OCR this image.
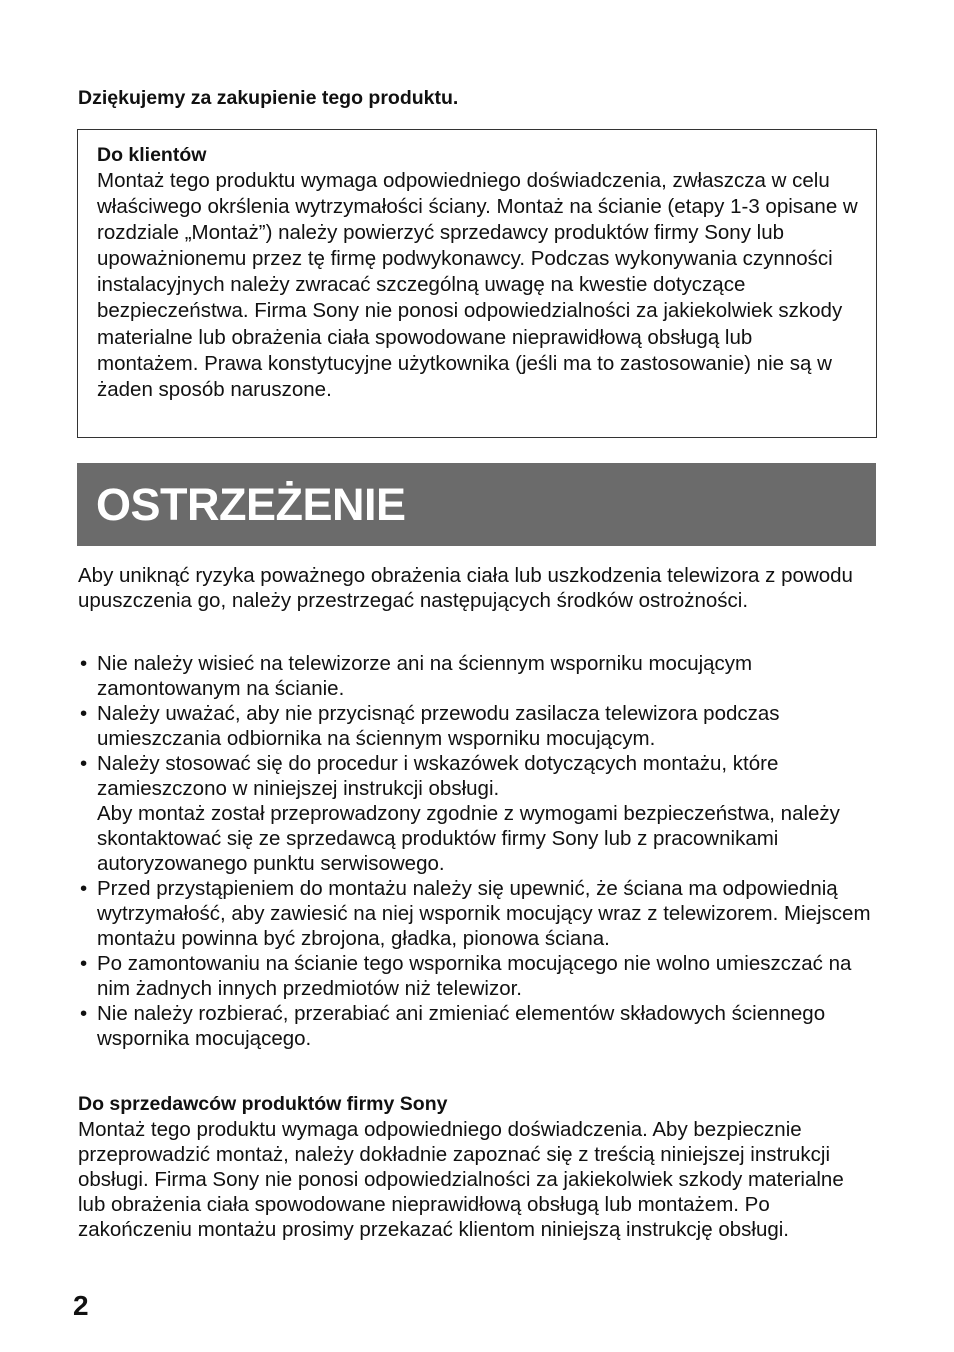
Dziękujemy za zakupienie tego produktu.

Do klientów

Montaż tego produktu wymaga odpowiedniego doświadczenia, zwłaszcza w celu właściwego okrślenia wytrzymałości ściany. Montaż na ścianie (etapy 1-3 opisane w rozdziale „Montaż”) należy powierzyć sprzedawcy produktów firmy Sony lub upoważnionemu przez tę firmę podwykonawcy. Podczas wykonywania czynności instalacyjnych należy zwracać szczególną uwagę na kwestie dotyczące bezpieczeństwa. Firma Sony nie ponosi odpowiedzialności za jakiekolwiek szkody materialne lub obrażenia ciała spowodowane nieprawidłową obsługą lub montażem. Prawa konstytucyjne użytkownika (jeśli ma to zastosowanie) nie są w żaden sposób naruszone.

OSTRZEŻENIE

Aby uniknąć ryzyka poważnego obrażenia ciała lub uszkodzenia telewizora z powodu upuszczenia go, należy przestrzegać następujących środków ostrożności.

• Nie należy wisieć na telewizorze ani na ściennym wsporniku mocującym zamontowanym na ścianie.

• Należy uważać, aby nie przycisnąć przewodu zasilacza telewizora podczas umieszczania odbiornika na ściennym wsporniku mocującym.

• Należy stosować się do procedur i wskazówek dotyczących montażu, które zamieszczono w niniejszej instrukcji obsługi.

Aby montaż został przeprowadzony zgodnie z wymogami bezpieczeństwa, należy skontaktować się ze sprzedawcą produktów firmy Sony lub z pracownikami autoryzowanego punktu serwisowego.

• Przed przystąpieniem do montażu należy się upewnić, że ściana ma odpowiednią wytrzymałość, aby zawiesić na niej wspornik mocujący wraz z telewizorem. Miejscem montażu powinna być zbrojona, gładka, pionowa ściana.

• Po zamontowaniu na ścianie tego wspornika mocującego nie wolno umieszczać na nim żadnych innych przedmiotów niż telewizor.

• Nie należy rozbierać, przerabiać ani zmieniać elementów składowych ściennego wspornika mocującego.

Do sprzedawców produktów firmy Sony

Montaż tego produktu wymaga odpowiedniego doświadczenia. Aby bezpiecznie przeprowadzić montaż, należy dokładnie zapoznać się z treścią niniejszej instrukcji obsługi. Firma Sony nie ponosi odpowiedzialności za jakiekolwiek szkody materialne lub obrażenia ciała spowodowane nieprawidłową obsługą lub montażem. Po zakończeniu montażu prosimy przekazać klientom niniejszą instrukcję obsługi.

2
